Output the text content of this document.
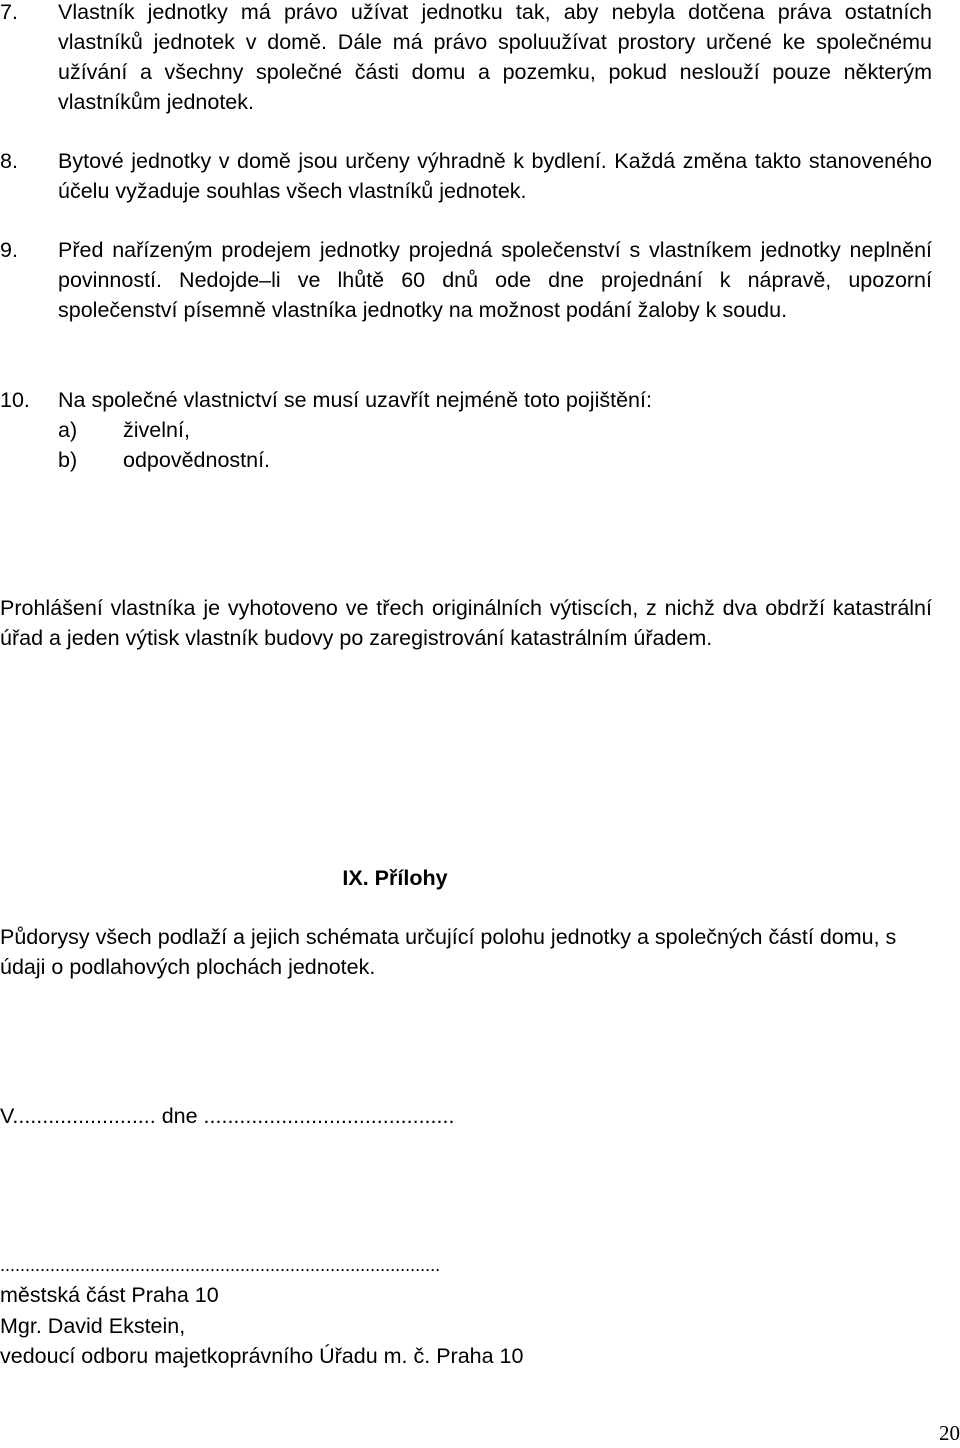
7. Vlastník jednotky má právo užívat jednotku tak, aby nebyla dotčena práva ostatních vlastníků jednotek v domě. Dále má právo spoluužívat prostory určené ke společnému užívání a všechny společné části domu a pozemku, pokud neslouží pouze některým vlastníkům jednotek.
8. Bytové jednotky v domě jsou určeny výhradně k bydlení. Každá změna takto stanoveného účelu vyžaduje souhlas všech vlastníků jednotek.
9. Před nařízeným prodejem jednotky projedná společenství s vlastníkem jednotky neplnění povinností. Nedojde–li ve lhůtě 60 dnů ode dne projednání k nápravě, upozorní společenství písemně vlastníka jednotky na možnost podání žaloby k soudu.
10. Na společné vlastnictví se musí uzavřít nejméně toto pojištění:
a) živelní,
b) odpovědnostní.
Prohlášení vlastníka je vyhotoveno ve třech originálních výtiscích, z nichž dva obdrží katastrální úřad a jeden výtisk vlastník budovy po zaregistrování katastrálním úřadem.
IX. Přílohy
Půdorysy všech podlaží a jejich schémata určující polohu jednotky a společných částí domu, s údaji o podlahových plochách jednotek.
V........................ dne ..........................................
........................................................................................
městská část Praha 10
Mgr. David Ekstein,
vedoucí odboru majetkoprávního Úřadu m. č. Praha 10
20
